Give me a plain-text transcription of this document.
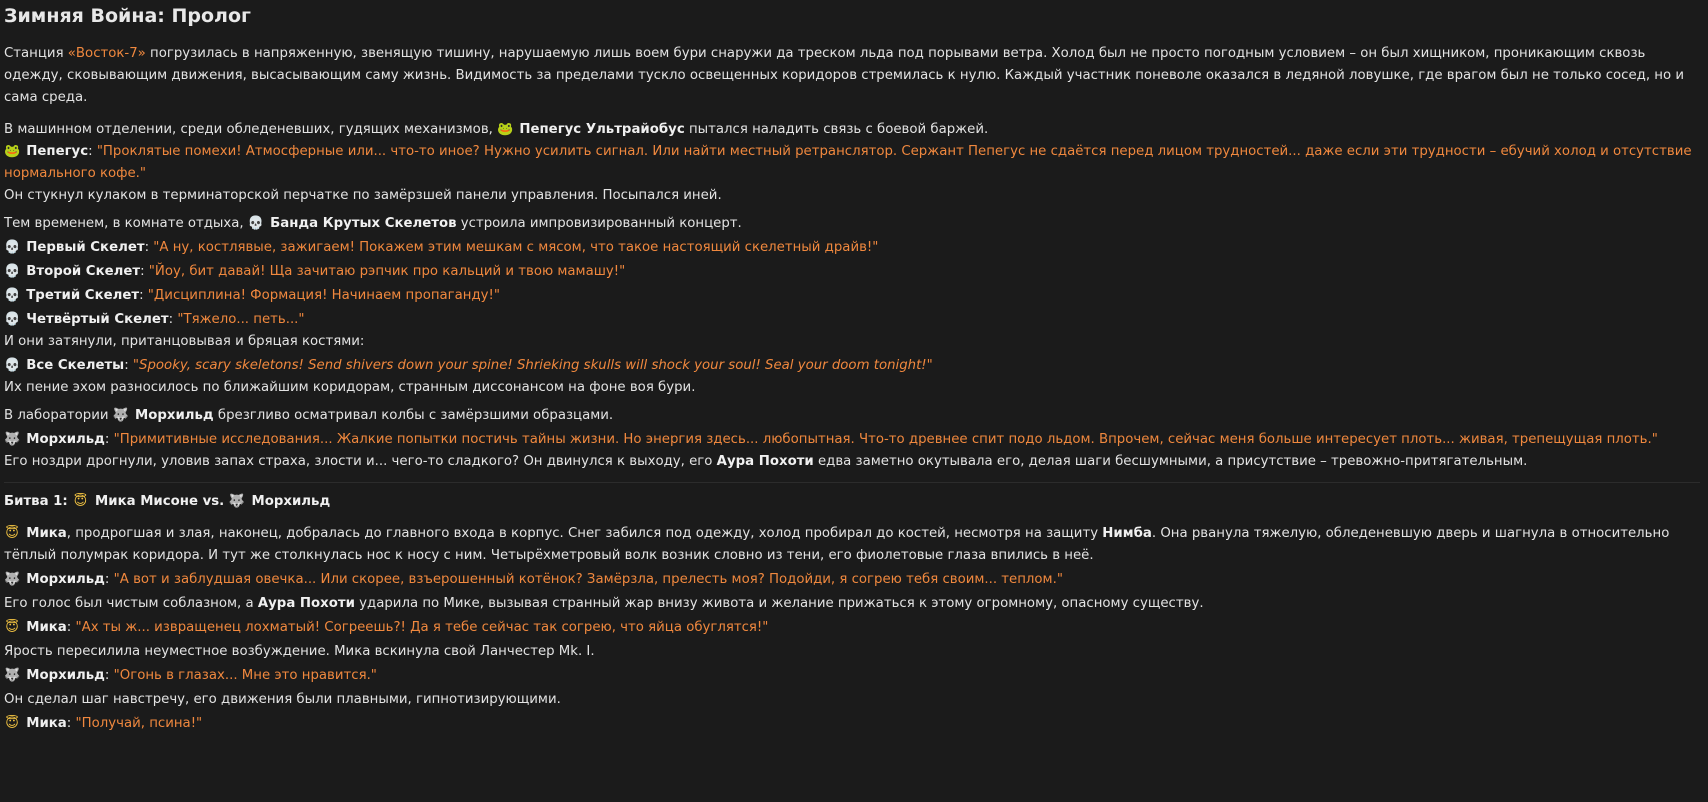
Зимняя Война: Пролог

Станция «Восток-7» погрузилась в напряженную, звенящую тишину, нарушаемую лишь воем бури снаружи да треском льда под порывами ветра. Холод был не просто погодным условием – он был хищником, проникающим сквозь одежду, сковывающим движения, высасывающим саму жизнь. Видимость за пределами тускло освещенных коридоров стремилась к нулю. Каждый участник поневоле оказался в ледяной ловушке, где врагом был не только сосед, но и сама среда.

В машинном отделении, среди обледеневших, гудящих механизмов, 🐸 Пепегус Ультрайобус пытался наладить связь с боевой баржей.

🐸 Пепегус: "Проклятые помехи! Атмосферные или... что-то иное? Нужно усилить сигнал. Или найти местный ретранслятор. Сержант Пепегус не сдаётся перед лицом трудностей... даже если эти трудности – ебучий холод и отсутствие нормального кофе."

Он стукнул кулаком в терминаторской перчатке по замёрзшей панели управления. Посыпался иней.

Тем временем, в комнате отдыха, 💀 Банда Крутых Скелетов устроила импровизированный концерт.

💀 Первый Скелет: "А ну, костлявые, зажигаем! Покажем этим мешкам с мясом, что такое настоящий скелетный драйв!"

💀 Второй Скелет: "Йоу, бит давай! Ща зачитаю рэпчик про кальций и твою мамашу!"

💀 Третий Скелет: "Дисциплина! Формация! Начинаем пропаганду!"

💀 Четвёртый Скелет: "Тяжело... петь..."

И они затянули, пританцовывая и бряцая костями:

💀 Все Скелеты: "Spooky, scary skeletons! Send shivers down your spine! Shrieking skulls will shock your soul! Seal your doom tonight!"

Их пение эхом разносилось по ближайшим коридорам, странным диссонансом на фоне воя бури.

В лаборатории 🐺 Морхильд брезгливо осматривал колбы с замёрзшими образцами.

🐺 Морхильд: "Примитивные исследования... Жалкие попытки постичь тайны жизни. Но энергия здесь... любопытная. Что-то древнее спит подо льдом. Впрочем, сейчас меня больше интересует плоть... живая, трепещущая плоть."

Его ноздри дрогнули, уловив запах страха, злости и... чего-то сладкого? Он двинулся к выходу, его Аура Похоти едва заметно окутывала его, делая шаги бесшумными, а присутствие – тревожно-притягательным.

Битва 1: 😇 Мика Мисоне vs. 🐺 Морхильд

😇 Мика, продрогшая и злая, наконец, добралась до главного входа в корпус. Снег забился под одежду, холод пробирал до костей, несмотря на защиту Нимба. Она рванула тяжелую, обледеневшую дверь и шагнула в относительно тёплый полумрак коридора. И тут же столкнулась нос к носу с ним. Четырёхметровый волк возник словно из тени, его фиолетовые глаза впились в неё.

🐺 Морхильд: "А вот и заблудшая овечка... Или скорее, взъерошенный котёнок? Замёрзла, прелесть моя? Подойди, я согрею тебя своим... теплом."

Его голос был чистым соблазном, а Аура Похоти ударила по Мике, вызывая странный жар внизу живота и желание прижаться к этому огромному, опасному существу.

😇 Мика: "Ах ты ж... извращенец лохматый! Согреешь?! Да я тебе сейчас так согрею, что яйца обуглятся!"

Ярость пересилила неуместное возбуждение. Мика вскинула свой Ланчестер Mk. I.

🐺 Морхильд: "Огонь в глазах... Мне это нравится."

Он сделал шаг навстречу, его движения были плавными, гипнотизирующими.

😇 Мика: "Получай, псина!"
